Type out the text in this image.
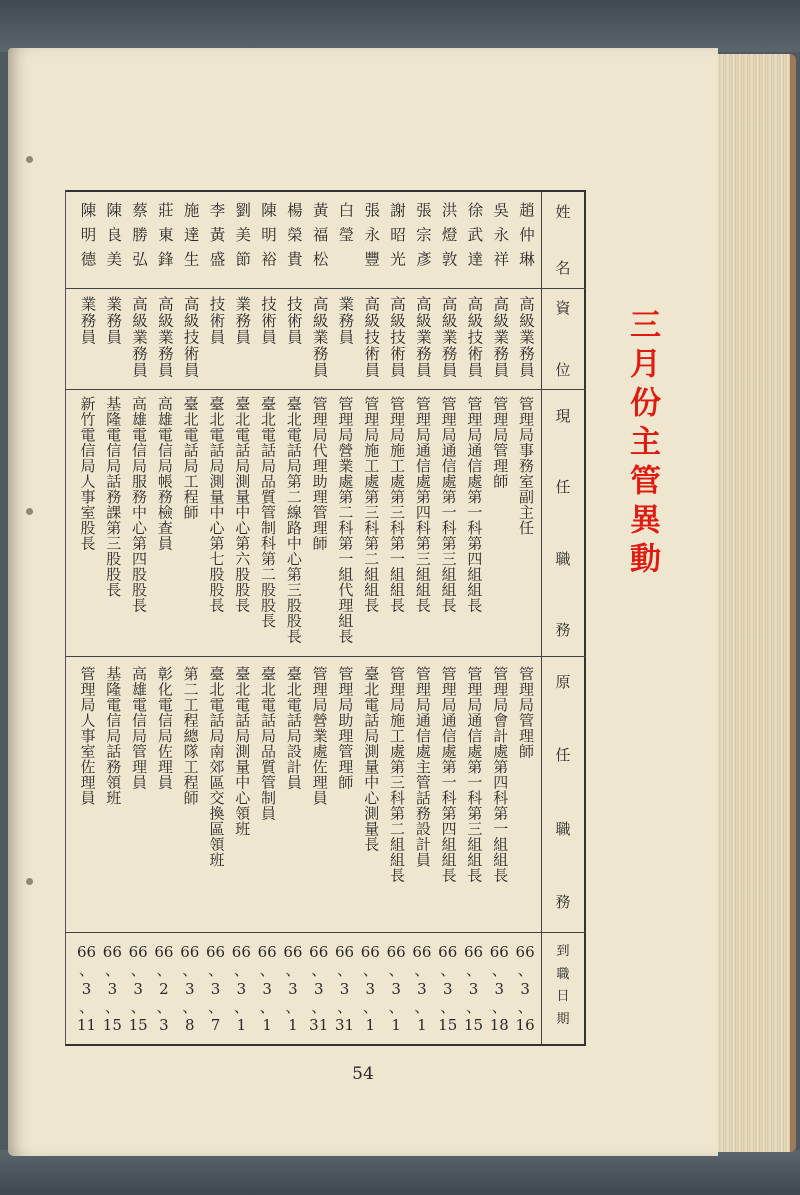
三月份主管異動
姓
名
資
位
現
任
職
務
原
任
職
務
到
職
日
期
趙仲琳
吳永祥
徐武達
洪燈敦
張宗彥
謝昭光
張永豐
白瑩
黃福松
楊榮貴
陳明裕
劉美節
李黃盛
施達生
莊東鋒
蔡勝弘
陳良美
陳明德
高級業務員
高級業務員
高級技術員
高級業務員
高級業務員
高級技術員
高級技術員
業務員
高級業務員
技術員
技術員
業務員
技術員
高級技術員
高級業務員
高級業務員
業務員
業務員
管理局事務室副主任
管理局管理師
管理局通信處第一科第四組組長
管理局通信處第一科第三組組長
管理局通信處第四科第三組組長
管理局施工處第三科第一組組長
管理局施工處第三科第二組組長
管理局營業處第二科第一組代理組長
管理局代理助理管理師
臺北電話局第二線路中心第三股股長
臺北電話局品質管制科第二股股長
臺北電話局測量中心第六股股長
臺北電話局測量中心第七股股長
臺北電話局工程師
高雄電信局帳務檢查員
高雄電信局服務中心第四股股長
基隆電信局話務課第三股股長
新竹電信局人事室股長
管理局管理師
管理局會計處第四科第一組組長
管理局通信處第一科第三組組長
管理局通信處第一科第四組組長
管理局通信處主管話務設計員
管理局施工處第三科第二組組長
臺北電話局測量中心測量長
管理局助理管理師
管理局營業處佐理員
臺北電話局設計員
臺北電話局品質管制員
臺北電話局測量中心領班
臺北電話局南郊區交換區領班
第二工程總隊工程師
彰化電信局佐理員
高雄電信局管理員
基隆電信局話務領班
管理局人事室佐理員
66
、
3
、
16
66
、
3
、
18
66
、
3
、
15
66
、
3
、
15
66
、
3
、
1
66
、
3
、
1
66
、
3
、
1
66
、
3
、
31
66
、
3
、
31
66
、
3
、
1
66
、
3
、
1
66
、
3
、
1
66
、
3
、
7
66
、
3
、
8
66
、
2
、
3
66
、
3
、
15
66
、
3
、
15
66
、
3
、
11
54
